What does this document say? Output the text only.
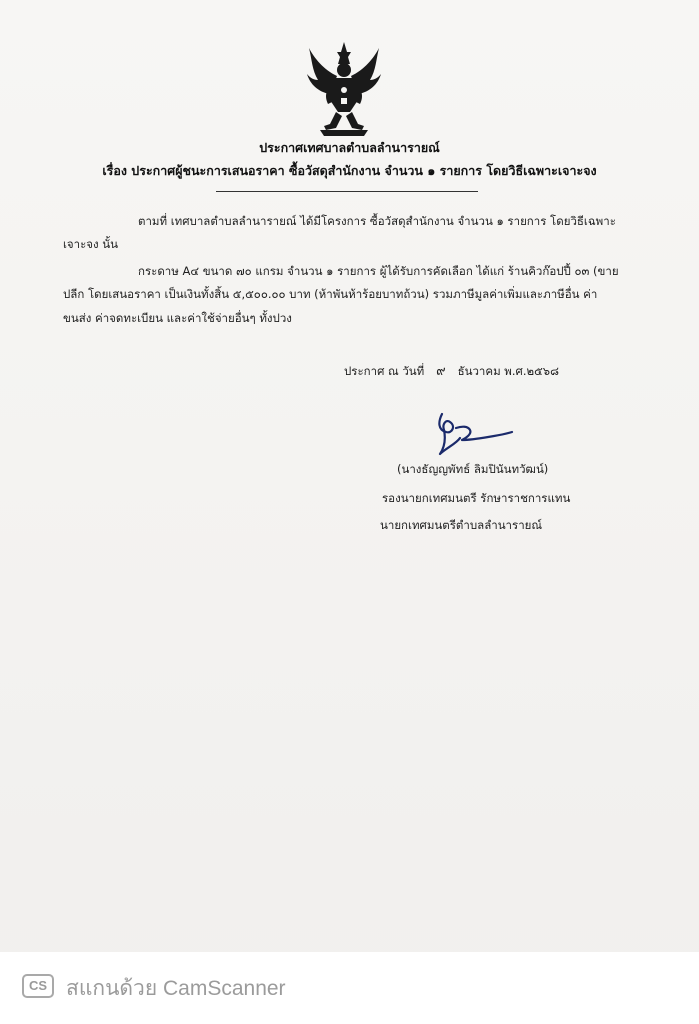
ประกาศเทศบาลตำบลลำนารายณ์
เรื่อง ประกาศผู้ชนะการเสนอราคา ซื้อวัสดุสำนักงาน จำนวน ๑ รายการ โดยวิธีเฉพาะเจาะจง
ตามที่ เทศบาลตำบลลำนารายณ์ ได้มีโครงการ ซื้อวัสดุสำนักงาน จำนวน ๑ รายการ โดยวิธีเฉพาะ
เจาะจง นั้น
กระดาษ A๔ ขนาด ๗๐ แกรม จำนวน ๑ รายการ ผู้ได้รับการคัดเลือก ได้แก่ ร้านคิวก๊อปปี้ ๐๓ (ขาย
ปลีก โดยเสนอราคา เป็นเงินทั้งสิ้น ๕,๕๐๐.๐๐ บาท (ห้าพันห้าร้อยบาทถ้วน) รวมภาษีมูลค่าเพิ่มและภาษีอื่น ค่า
ขนส่ง ค่าจดทะเบียน และค่าใช้จ่ายอื่นๆ ทั้งปวง
ประกาศ ณ วันที่ ๙ ธันวาคม พ.ศ.๒๕๖๘
(นางธัญญพัทธ์ ลิมปินันทวัฒน์)
รองนายกเทศมนตรี รักษาราชการแทน
นายกเทศมนตรีตำบลลำนารายณ์
CS สแกนด้วย CamScanner
